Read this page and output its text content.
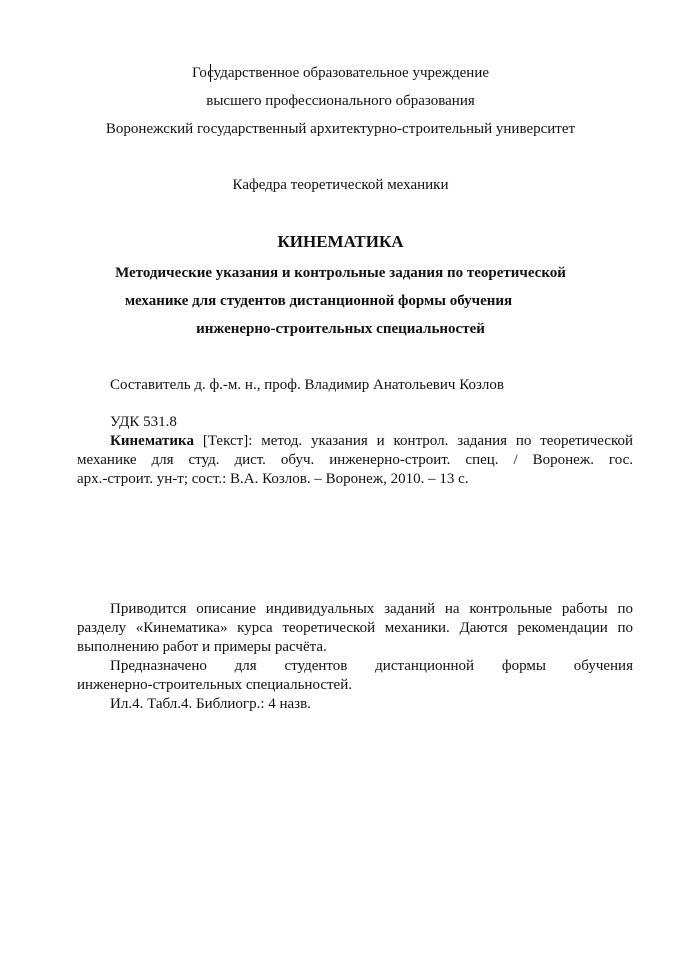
Государственное образовательное учреждение
высшего профессионального образования
Воронежский государственный архитектурно-строительный университет
Кафедра теоретической механики
КИНЕМАТИКА
Методические указания и контрольные задания по теоретической
механике для студентов дистанционной формы обучения
инженерно-строительных специальностей
Составитель д. ф.-м. н., проф. Владимир Анатольевич Козлов
УДК 531.8
Кинематика [Текст]: метод. указания и контрол. задания по теоретической
механике для студ. дист. обуч. инженерно-строит. спец. / Воронеж. гос.
арх.-строит. ун-т; сост.: В.А. Козлов. – Воронеж, 2010. – 13 с.
Приводится описание индивидуальных заданий на контрольные работы по
разделу «Кинематика» курса теоретической механики. Даются рекомендации по
выполнению работ и примеры расчёта.
Предназначено для студентов дистанционной формы обучения
инженерно-строительных специальностей.
Ил.4. Табл.4. Библиогр.: 4 назв.
